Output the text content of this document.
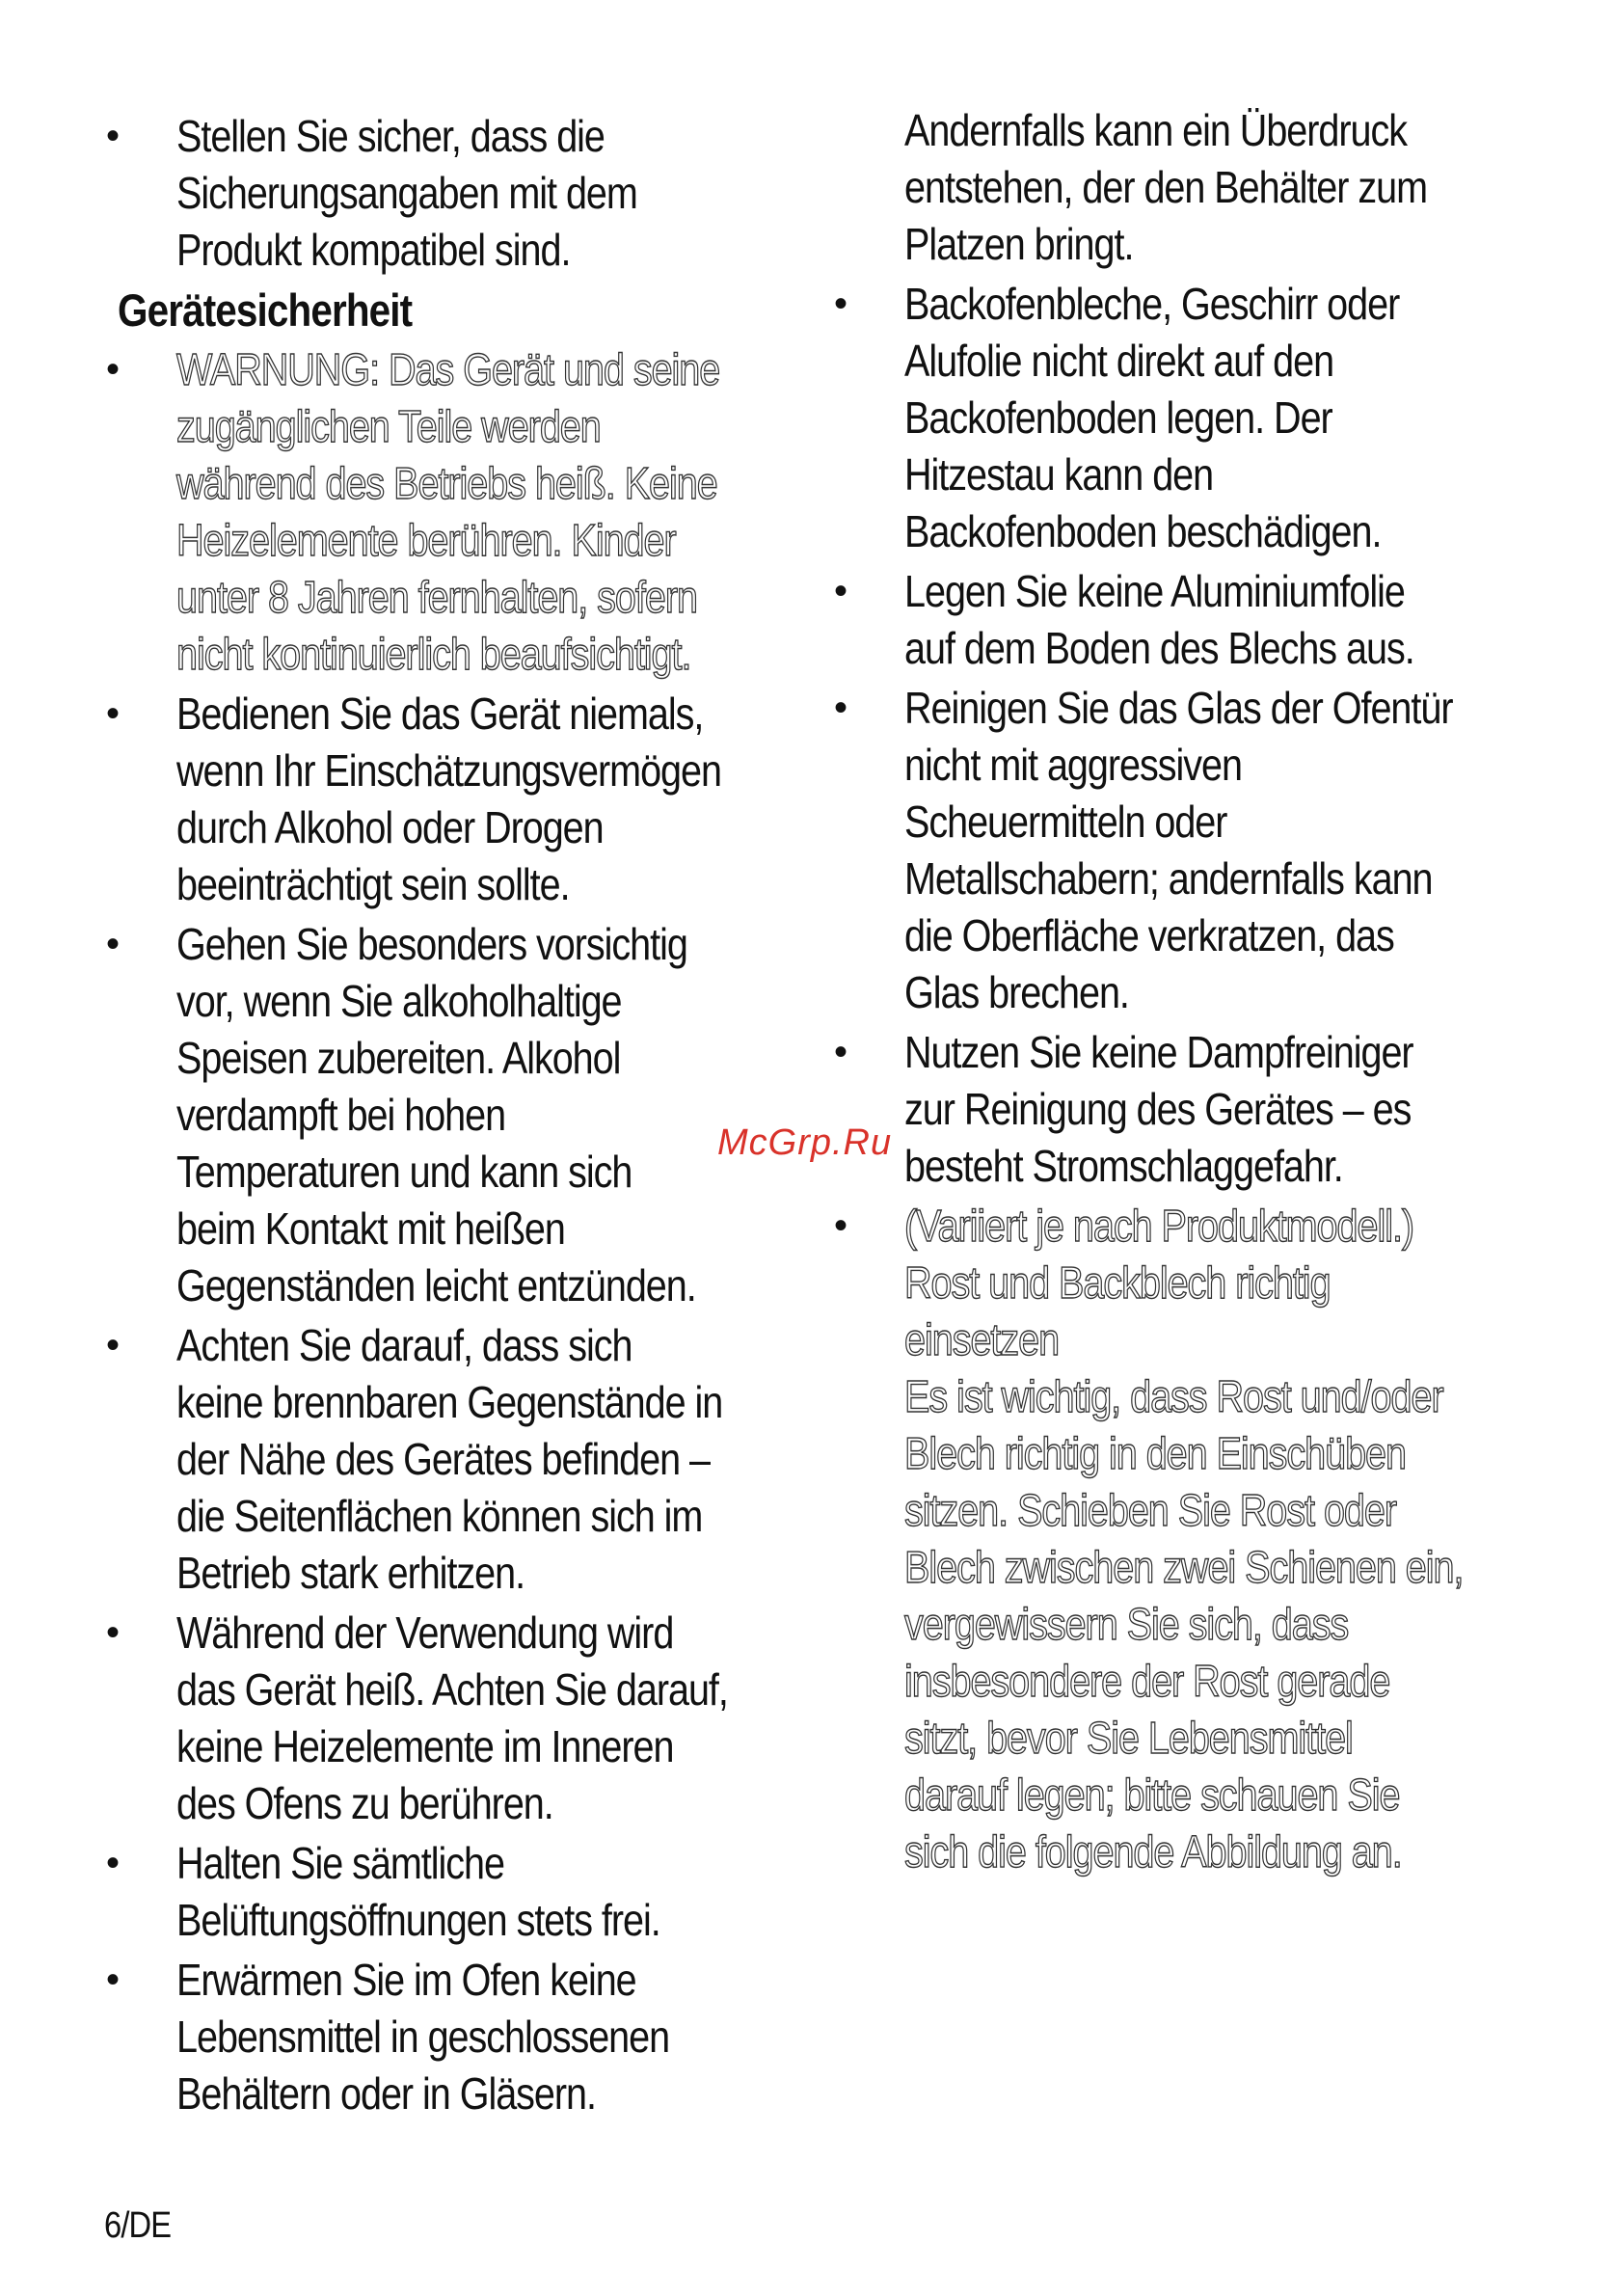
• Stellen Sie sicher, dass die
Sicherungsangaben mit dem
Produkt kompatibel sind.
Gerätesicherheit
• WARNUNG: Das Gerät und seine
zugänglichen Teile werden
während des Betriebs heiß. Keine
Heizelemente berühren. Kinder
unter 8 Jahren fernhalten, sofern
nicht kontinuierlich beaufsichtigt.
• Bedienen Sie das Gerät niemals,
wenn Ihr Einschätzungsvermögen
durch Alkohol oder Drogen
beeinträchtigt sein sollte.
• Gehen Sie besonders vorsichtig
vor, wenn Sie alkoholhaltige
Speisen zubereiten. Alkohol
verdampft bei hohen
Temperaturen und kann sich
beim Kontakt mit heißen
Gegenständen leicht entzünden.
• Achten Sie darauf, dass sich
keine brennbaren Gegenstände in
der Nähe des Gerätes befinden –
die Seitenflächen können sich im
Betrieb stark erhitzen.
• Während der Verwendung wird
das Gerät heiß. Achten Sie darauf,
keine Heizelemente im Inneren
des Ofens zu berühren.
• Halten Sie sämtliche
Belüftungsöffnungen stets frei.
• Erwärmen Sie im Ofen keine
Lebensmittel in geschlossenen
Behältern oder in Gläsern.
Andernfalls kann ein Überdruck
entstehen, der den Behälter zum
Platzen bringt.
• Backofenbleche, Geschirr oder
Alufolie nicht direkt auf den
Backofenboden legen. Der
Hitzestau kann den
Backofenboden beschädigen.
• Legen Sie keine Aluminiumfolie
auf dem Boden des Blechs aus.
• Reinigen Sie das Glas der Ofentür
nicht mit aggressiven
Scheuermitteln oder
Metallschabern; andernfalls kann
die Oberfläche verkratzen, das
Glas brechen.
• Nutzen Sie keine Dampfreiniger
zur Reinigung des Gerätes – es
besteht Stromschlaggefahr.
• (Variiert je nach Produktmodell.)
Rost und Backblech richtig
einsetzen
Es ist wichtig, dass Rost und/oder
Blech richtig in den Einschüben
sitzen. Schieben Sie Rost oder
Blech zwischen zwei Schienen ein,
vergewissern Sie sich, dass
insbesondere der Rost gerade
sitzt, bevor Sie Lebensmittel
darauf legen; bitte schauen Sie
sich die folgende Abbildung an.
McGrp.Ru
6/DE
